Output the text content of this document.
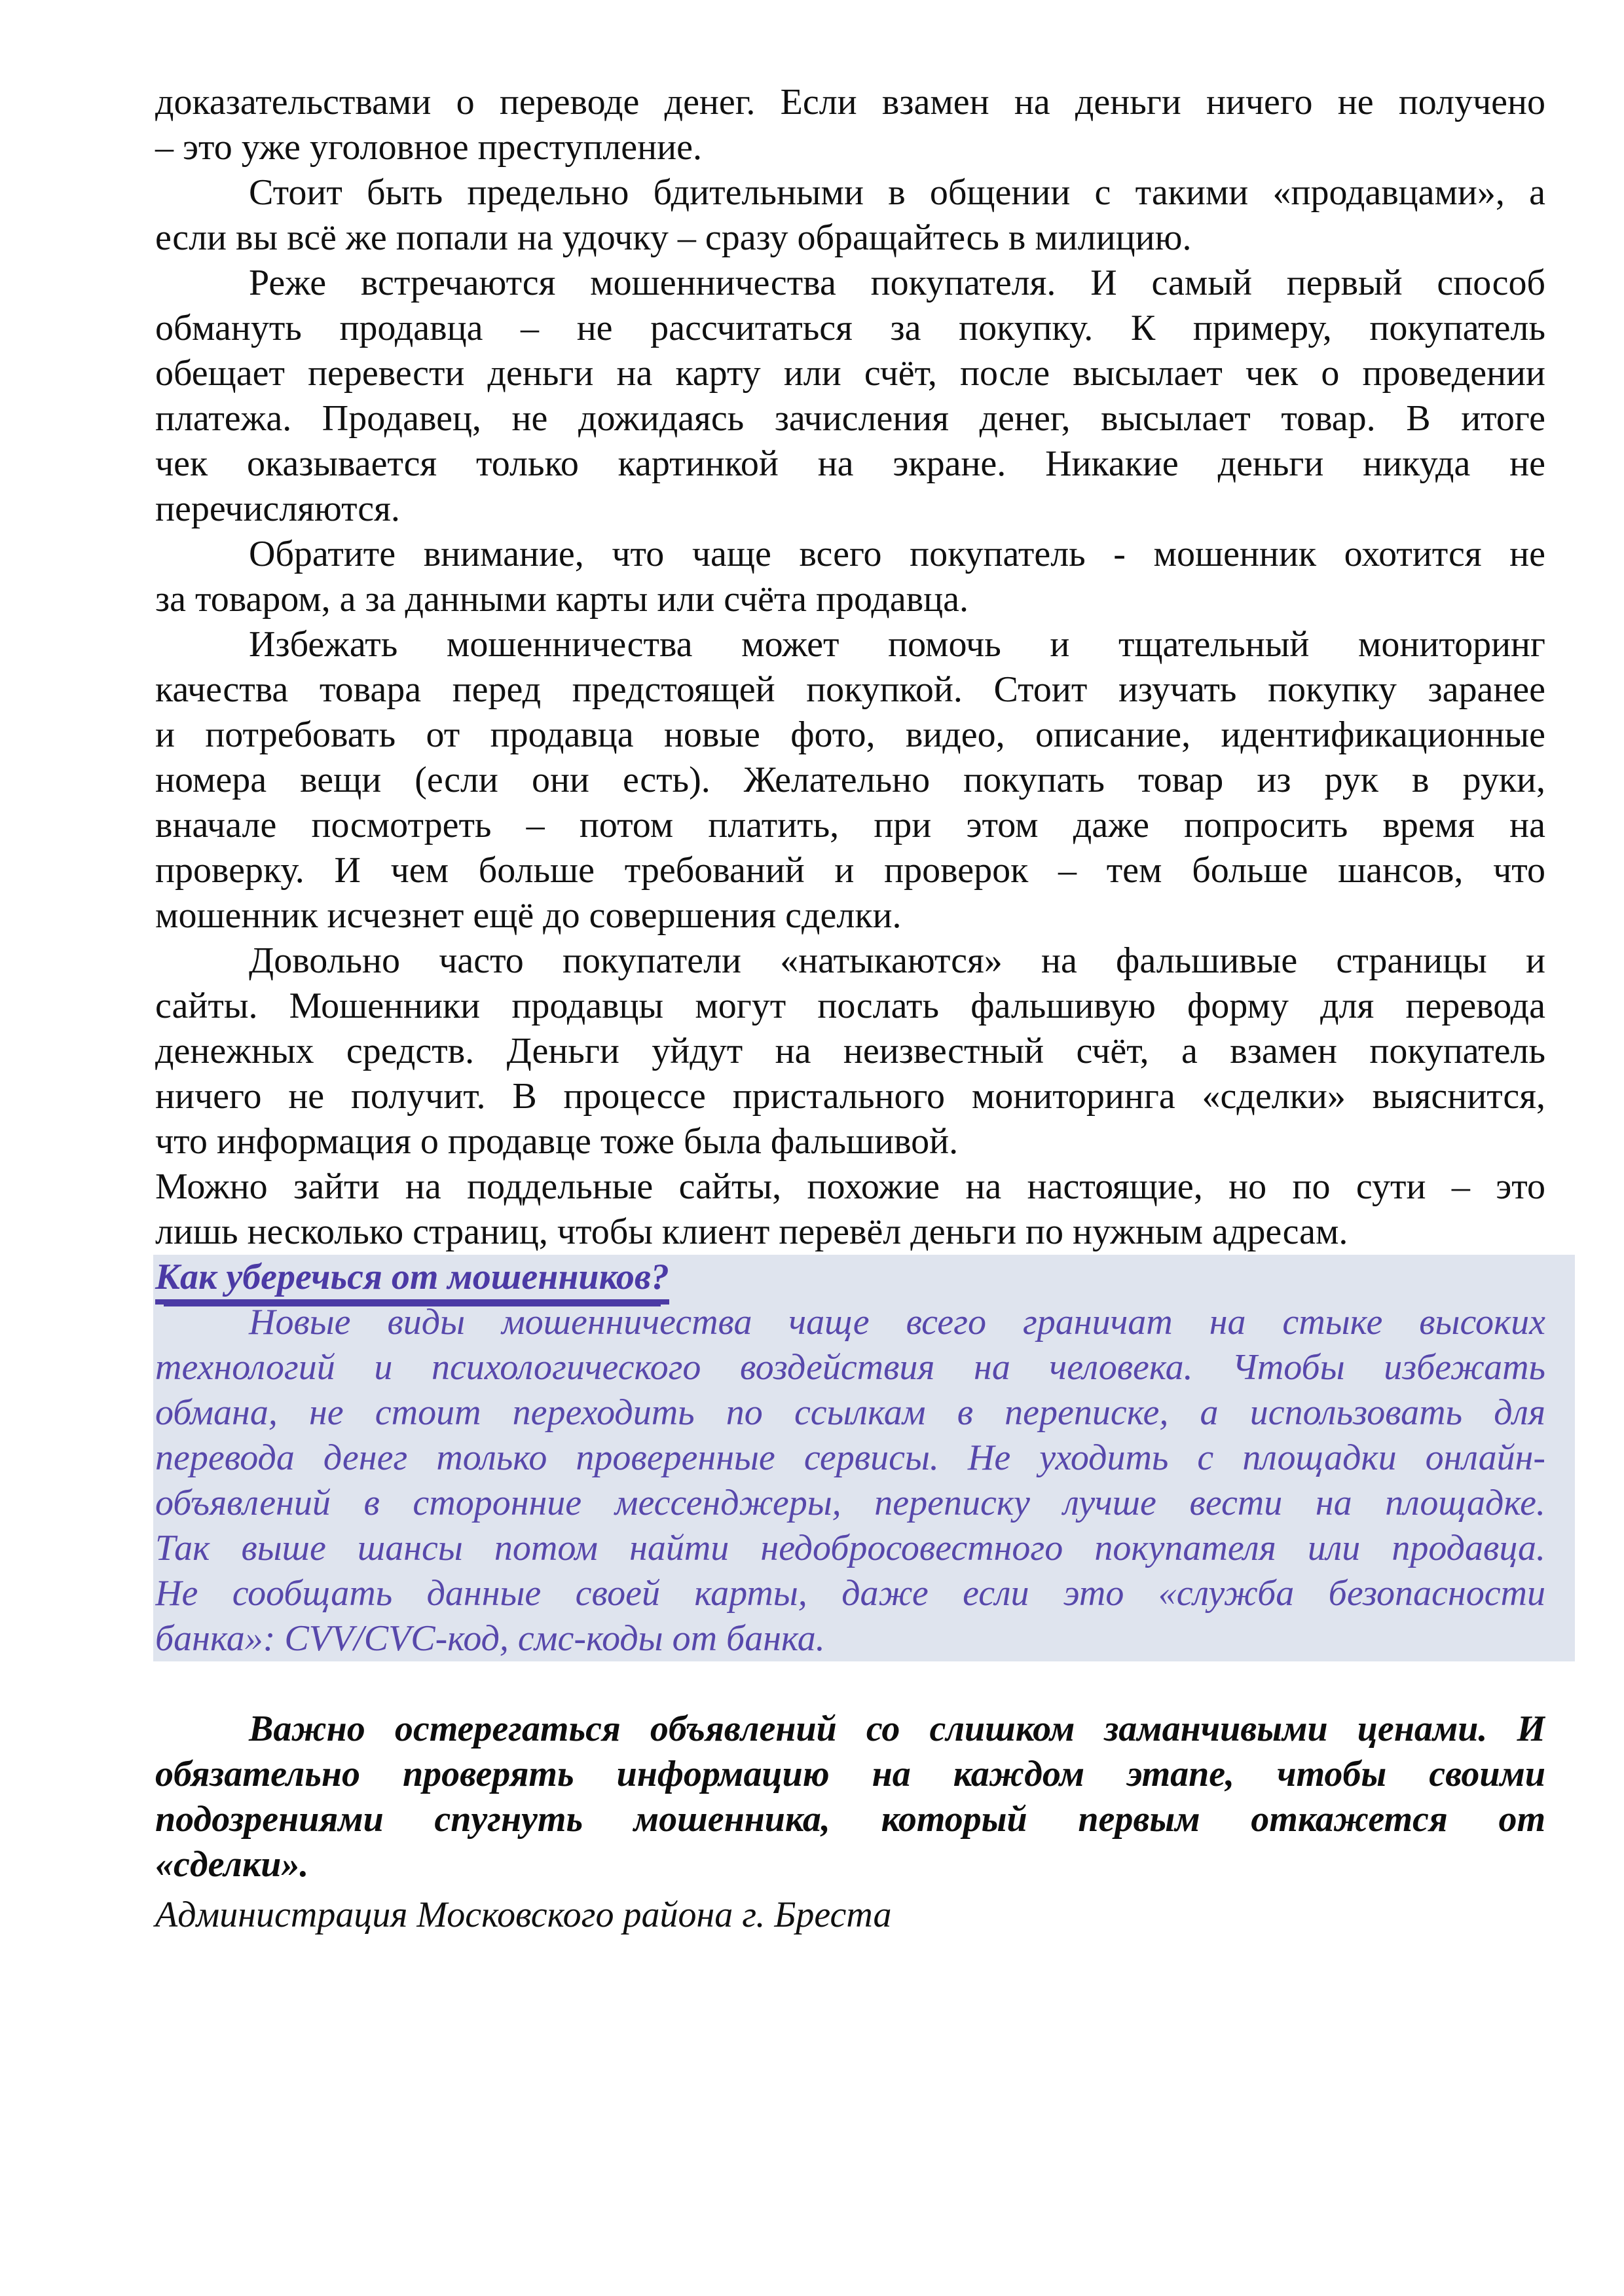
доказательствами о переводе денег. Если взамен на деньги ничего не получено
– это уже уголовное преступление.
Стоит быть предельно бдительными в общении с такими «продавцами», а
если вы всё же попали на удочку – сразу обращайтесь в милицию.
Реже встречаются мошенничества покупателя. И самый первый способ
обмануть продавца – не рассчитаться за покупку. К примеру, покупатель
обещает перевести деньги на карту или счёт, после высылает чек о проведении
платежа. Продавец, не дожидаясь зачисления денег, высылает товар. В итоге
чек оказывается только картинкой на экране. Никакие деньги никуда не
перечисляются.
Обратите внимание, что чаще всего покупатель - мошенник охотится не
за товаром, а за данными карты или счёта продавца.
Избежать мошенничества может помочь и тщательный мониторинг
качества товара перед предстоящей покупкой. Стоит изучать покупку заранее
и потребовать от продавца новые фото, видео, описание, идентификационные
номера вещи (если они есть). Желательно покупать товар из рук в руки,
вначале посмотреть – потом платить, при этом даже попросить время на
проверку. И чем больше требований и проверок – тем больше шансов, что
мошенник исчезнет ещё до совершения сделки.
Довольно часто покупатели «натыкаются» на фальшивые страницы и
сайты. Мошенники продавцы могут послать фальшивую форму для перевода
денежных средств. Деньги уйдут на неизвестный счёт, а взамен покупатель
ничего не получит. В процессе пристального мониторинга «сделки» выяснится,
что информация о продавце тоже была фальшивой.
Можно зайти на поддельные сайты, похожие на настоящие, но по сути – это
лишь несколько страниц, чтобы клиент перевёл деньги по нужным адресам.
Как уберечься от мошенников?
Новые виды мошенничества чаще всего граничат на стыке высоких
технологий и психологического воздействия на человека. Чтобы избежать
обмана, не стоит переходить по ссылкам в переписке, а использовать для
перевода денег только проверенные сервисы. Не уходить с площадки онлайн-
объявлений в сторонние мессенджеры, переписку лучше вести на площадке.
Так выше шансы потом найти недобросовестного покупателя или продавца.
Не сообщать данные своей карты, даже если это «служба безопасности
банка»: CVV/CVC-код, смс-коды от банка.
Важно остерегаться объявлений со слишком заманчивыми ценами. И
обязательно проверять информацию на каждом этапе, чтобы своими
подозрениями спугнуть мошенника, который первым откажется от
«сделки».
Администрация Московского района г. Бреста
